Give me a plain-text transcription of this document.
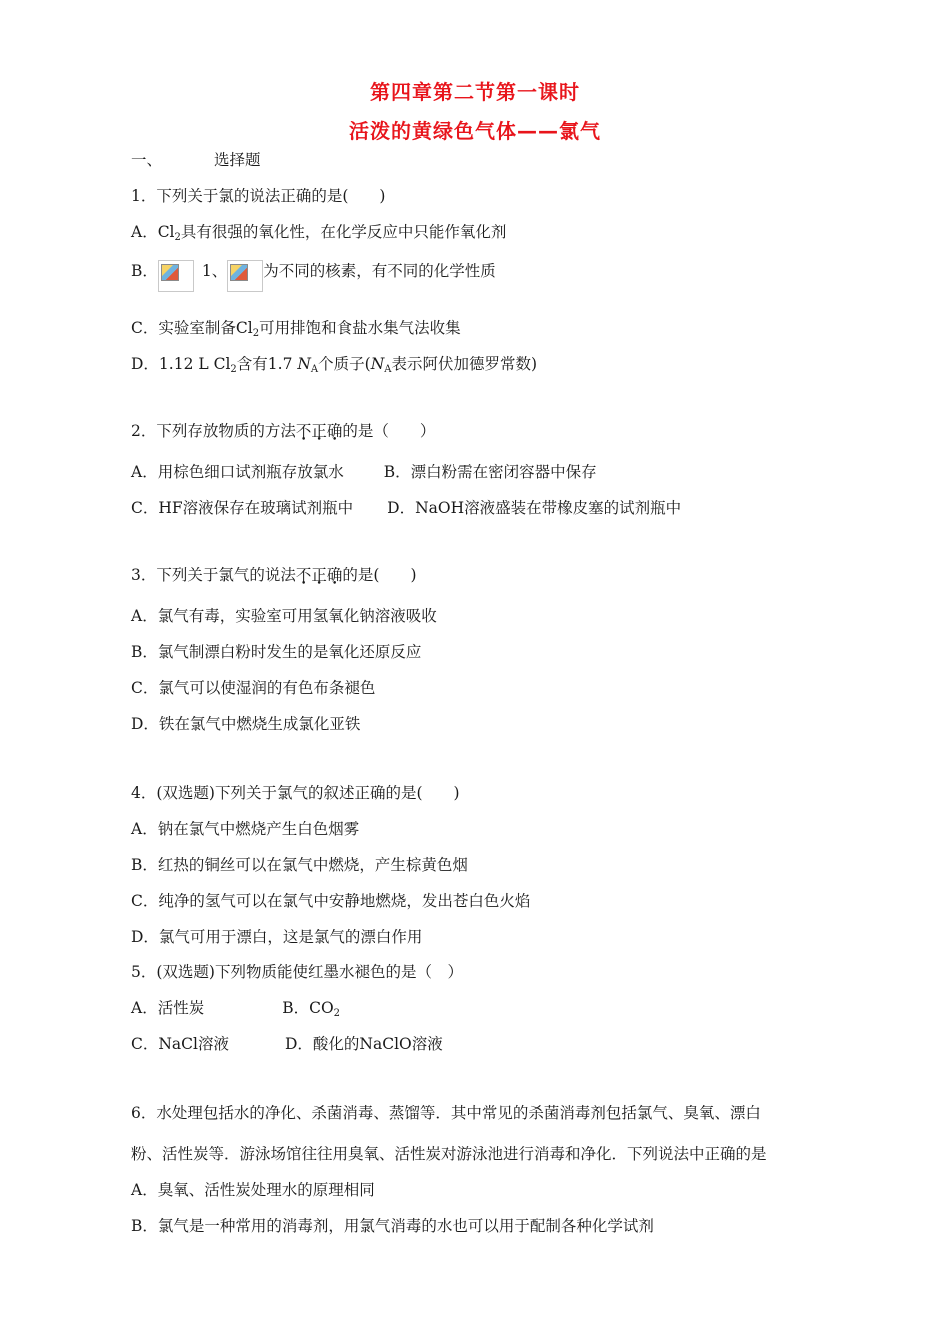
第四章第二节第一课时
活泼的黄绿色气体——氯气
一、	选择题
1．下列关于氯的说法正确的是(　　)
A．$Cl_2$具有很强的氧化性，在化学反应中只能作氧化剂
B．	1、 为不同的核素，有不同的化学性质
C．实验室制备$Cl_2$可用排饱和食盐水集气法收集
D．1.12 L $Cl_2$含有1.7 $N_A$个质子($N_A$表示阿伏加德罗常数)
2．下列存放物质的方法不正确的是（　　）
A．用棕色细口试剂瓶存放氯水	B．漂白粉需在密闭容器中保存
C．HF溶液保存在玻璃试剂瓶中 D．NaOH溶液盛装在带橡皮塞的试剂瓶中
3．下列关于氯气的说法不正确的是(　　)
A．氯气有毒，实验室可用氢氧化钠溶液吸收
B．氯气制漂白粉时发生的是氧化还原反应
C．氯气可以使湿润的有色布条褪色
D．铁在氯气中燃烧生成氯化亚铁
4．(双选题)下列关于氯气的叙述正确的是(　　)
A．钠在氯气中燃烧产生白色烟雾
B．红热的铜丝可以在氯气中燃烧，产生棕黄色烟
C．纯净的氢气可以在氯气中安静地燃烧，发出苍白色火焰
D．氯气可用于漂白，这是氯气的漂白作用
5．(双选题)下列物质能使红墨水褪色的是（　）
A．活性炭	B．$CO_2$
C．NaCl溶液	D．酸化的NaClO溶液
6．水处理包括水的净化、杀菌消毒、蒸馏等．其中常见的杀菌消毒剂包括氯气、臭氧、漂白
粉、活性炭等．游泳场馆往往用臭氧、活性炭对游泳池进行消毒和净化．下列说法中正确的是
A．臭氧、活性炭处理水的原理相同
B．氯气是一种常用的消毒剂，用氯气消毒的水也可以用于配制各种化学试剂
